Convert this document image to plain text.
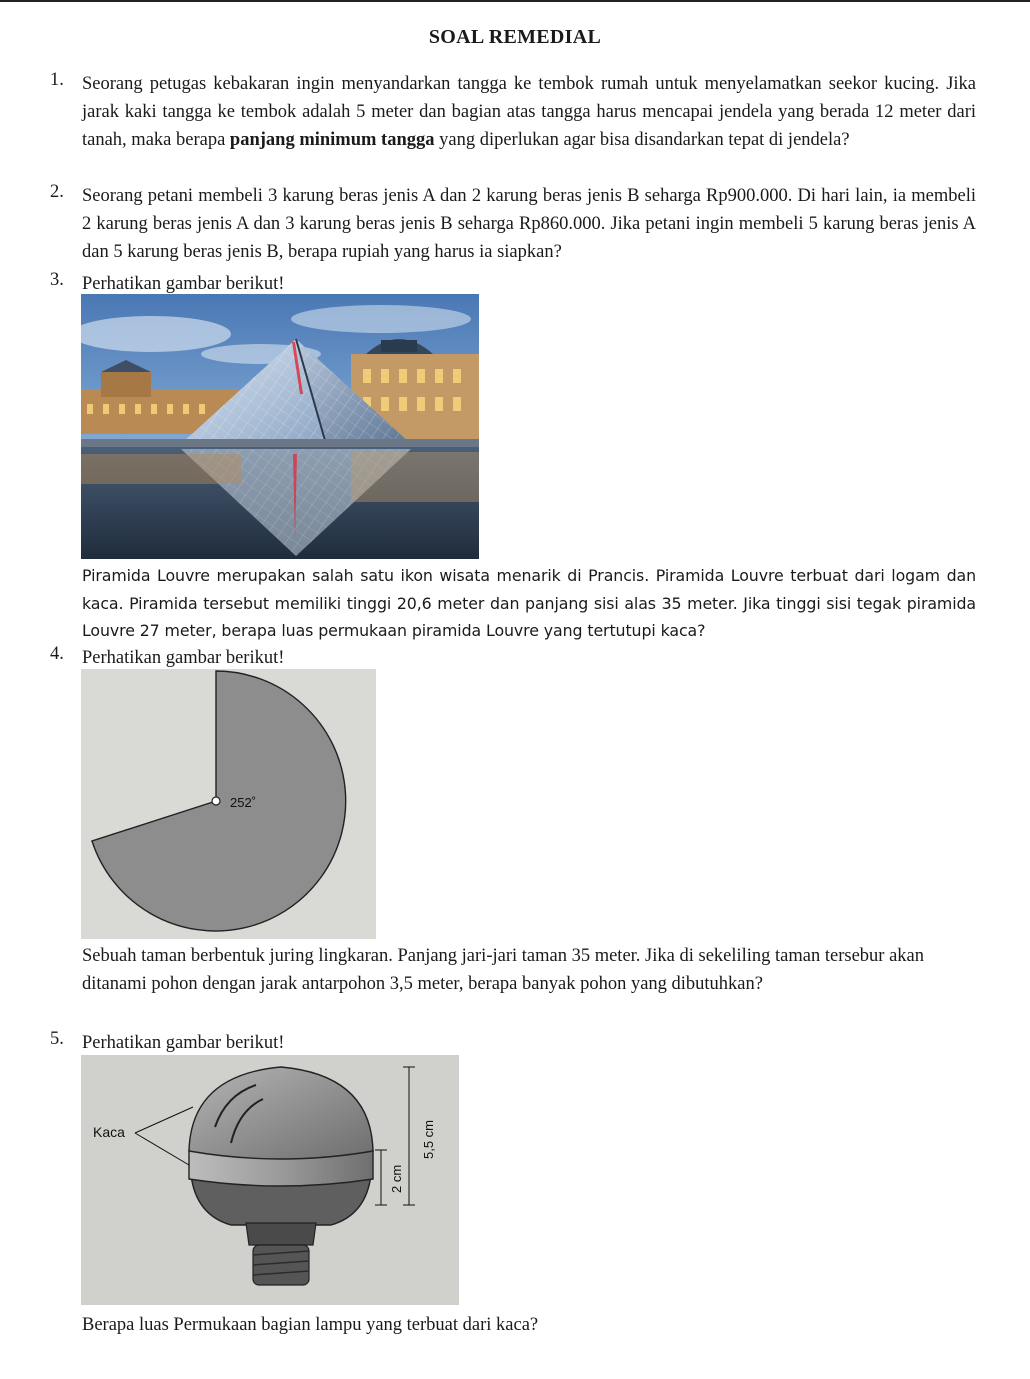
SOAL REMEDIAL
1. Seorang petugas kebakaran ingin menyandarkan tangga ke tembok rumah untuk menyelamatkan seekor kucing. Jika jarak kaki tangga ke tembok adalah 5 meter dan bagian atas tangga harus mencapai jendela yang berada 12 meter dari tanah, maka berapa panjang minimum tangga yang diperlukan agar bisa disandarkan tepat di jendela?
2. Seorang petani membeli 3 karung beras jenis A dan 2 karung beras jenis B seharga Rp900.000. Di hari lain, ia membeli 2 karung beras jenis A dan 3 karung beras jenis B seharga Rp860.000. Jika petani ingin membeli 5 karung beras jenis A dan 5 karung beras jenis B, berapa rupiah yang harus ia siapkan?
3. Perhatikan gambar berikut!
Piramida Louvre merupakan salah satu ikon wisata menarik di Prancis. Piramida Louvre terbuat dari logam dan kaca. Piramida tersebut memiliki tinggi 20,6 meter dan panjang sisi alas 35 meter. Jika tinggi sisi tegak piramida Louvre 27 meter, berapa luas permukaan piramida Louvre yang tertutupi kaca?
4. Perhatikan gambar berikut!
252˚
Sebuah taman berbentuk juring lingkaran. Panjang jari-jari taman 35 meter. Jika di sekeliling taman tersebur akan ditanami pohon dengan jarak antarpohon 3,5 meter, berapa banyak pohon yang dibutuhkan?
5. Perhatikan gambar berikut!
Kaca	5,5 cm
2 cm
Berapa luas Permukaan bagian lampu yang terbuat dari kaca?
